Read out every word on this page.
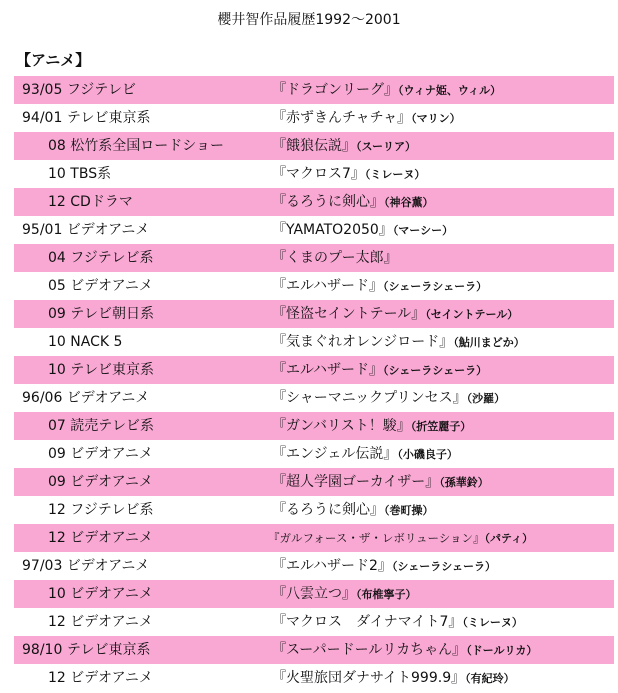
櫻井智作品履歴1992〜2001
【アニメ】
93/05 フジテレビ	『ドラゴンリーグ』（ウィナ姫、ウィル）
94/01 テレビ東京系	『赤ずきんチャチャ』（マリン）
08 松竹系全国ロードショー	『餓狼伝説』（スーリア）
10 TBS系	『マクロス7』（ミレーヌ）
12 CDドラマ	『るろうに剣心』（神谷薫）
95/01 ビデオアニメ	『YAMATO2050』（マーシー）
04 フジテレビ系	『くまのプー太郎』
05 ビデオアニメ	『エルハザード』（シェーラシェーラ）
09 テレビ朝日系	『怪盗セイントテール』（セイントテール）
10 NACK 5	『気まぐれオレンジロード』（鮎川まどか）
10 テレビ東京系	『エルハザード』（シェーラシェーラ）
96/06 ビデオアニメ	『シャーマニックプリンセス』（沙羅）
07 読売テレビ系	『ガンバリスト！駿』（折笠麗子）
09 ビデオアニメ	『エンジェル伝説』（小磯良子）
09 ビデオアニメ	『超人学園ゴーカイザー』（孫華鈴）
12 フジテレビ系	『るろうに剣心』（巻町操）
12 ビデオアニメ	『ガルフォース・ザ・レボリューション』（パティ）
97/03 ビデオアニメ	『エルハザード2』（シェーラシェーラ）
10 ビデオアニメ	『八雲立つ』（布椎寧子）
12 ビデオアニメ	『マクロス　ダイナマイト7』（ミレーヌ）
98/10 テレビ東京系	『スーパードールリカちゃん』（ドールリカ）
12 ビデオアニメ	『火聖旅団ダナサイト999.9』（有紀玲）
